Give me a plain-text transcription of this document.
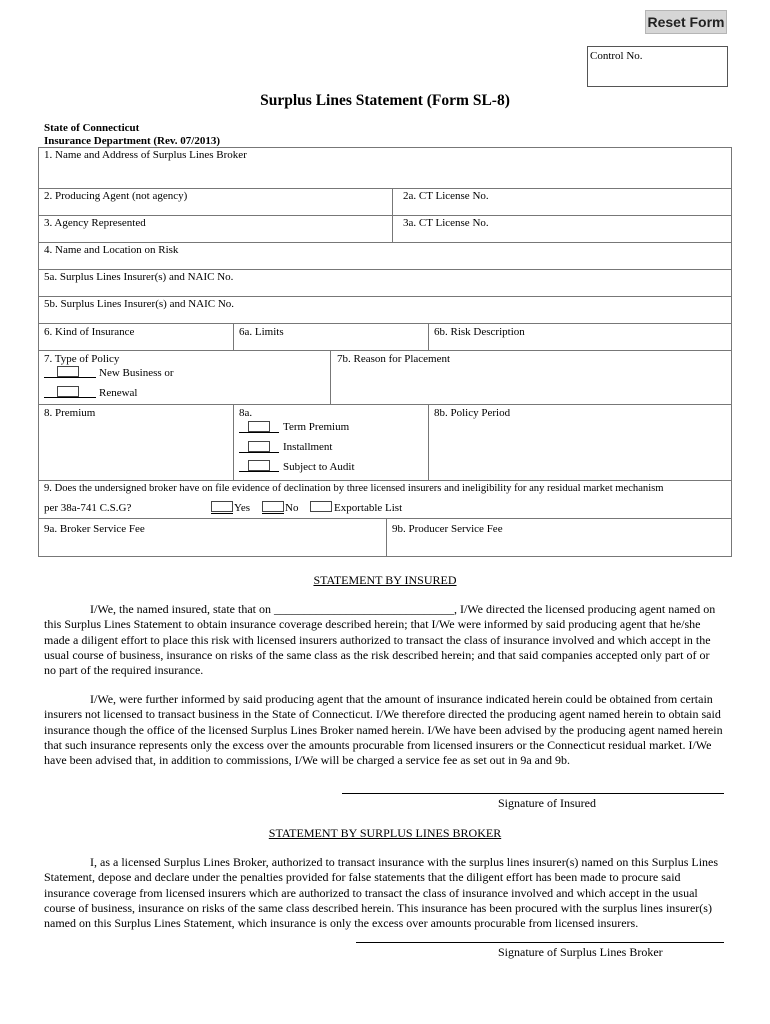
Reset Form
Control No.
Surplus Lines Statement (Form SL-8)
State of Connecticut
Insurance Department (Rev. 07/2013)
1. Name and Address of Surplus Lines Broker
2. Producing Agent (not agency)	2a. CT License No.
3. Agency Represented	3a. CT License No.
4. Name and Location on Risk
5a. Surplus Lines Insurer(s) and NAIC No.
5b. Surplus Lines Insurer(s) and NAIC No.
6. Kind of Insurance	6a. Limits	6b. Risk Description
7. Type of Policy
New Business or
Renewal
7b. Reason for Placement
8. Premium	8a.
Term Premium
Installment
Subject to Audit
8b. Policy Period
9. Does the undersigned broker have on file evidence of declination by three licensed insurers and ineligibility for any residual market mechanism
per 38a-741 C.S.G?	Yes	No	Exportable List
9a. Broker Service Fee	9b. Producer Service Fee
STATEMENT BY INSURED

I/We, the named insured, state that on ______________________________, I/We directed the licensed producing agent named on this Surplus Lines Statement to obtain insurance coverage described herein; that I/We were informed by said producing agent that he/she made a diligent effort to place this risk with licensed insurers authorized to transact the class of insurance involved and which accept in the usual course of business, insurance on risks of the same class as the risk described herein; and that said companies accepted only part of or no part of the required insurance.

I/We, were further informed by said producing agent that the amount of insurance indicated herein could be obtained from certain insurers not licensed to transact business in the State of Connecticut. I/We therefore directed the producing agent named herein to obtain said insurance though the office of the licensed Surplus Lines Broker named herein. I/We have been advised by the producing agent named herein that such insurance represents only the excess over the amounts procurable from licensed insurers or the Connecticut residual market. I/We have been advised that, in addition to commissions, I/We will be charged a service fee as set out in 9a and 9b.

Signature of Insured
STATEMENT BY SURPLUS LINES BROKER

I, as a licensed Surplus Lines Broker, authorized to transact insurance with the surplus lines insurer(s) named on this Surplus Lines Statement, depose and declare under the penalties provided for false statements that the diligent effort has been made to procure said insurance coverage from licensed insurers which are authorized to transact the class of insurance involved and which accept in the usual course of business, insurance on risks of the same class described herein. This insurance has been procured with the surplus lines insurer(s) named on this Surplus Lines Statement, which insurance is only the excess over amounts procurable from licensed insurers.

Signature of Surplus Lines Broker
